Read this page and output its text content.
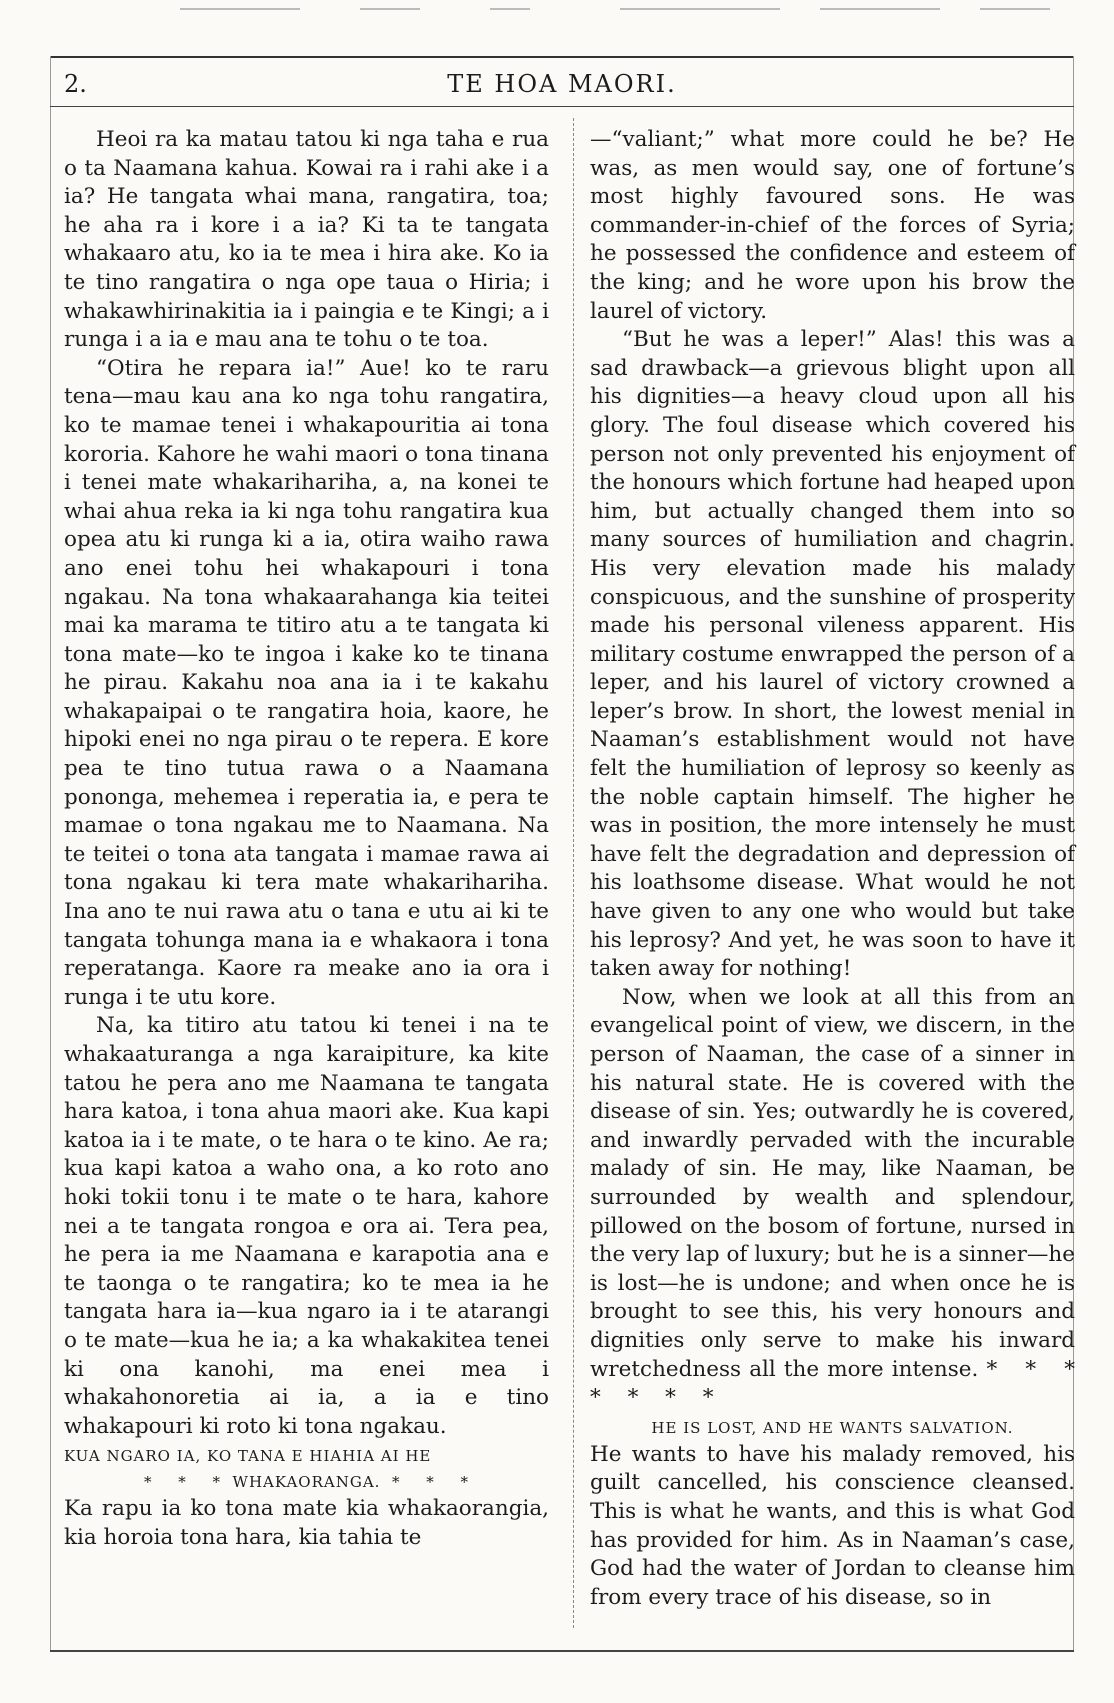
2.	TE HOA MAORI.

Heoi ra ka matau tatou ki nga taha e rua o ta Naamana kahua. Kowai ra i rahi ake i a ia? He tangata whai mana, rangatira, toa; he aha ra i kore i a ia? Ki ta te tangata whakaaro atu, ko ia te mea i hira ake. Ko ia te tino rangatira o nga ope taua o Hiria; i whakawhirinakitia ia i paingia e te Kingi; a i runga i a ia e mau ana te tohu o te toa.

“Otira he repara ia!” Aue! ko te raru tena—mau kau ana ko nga tohu rangatira, ko te mamae tenei i whakapouritia ai tona kororia. Kahore he wahi maori o tona tinana i tenei mate whakarihariha, a, na konei te whai ahua reka ia ki nga tohu rangatira kua opea atu ki runga ki a ia, otira waiho rawa ano enei tohu hei whakapouri i tona ngakau. Na tona whakaarahanga kia teitei mai ka marama te titiro atu a te tangata ki tona mate—ko te ingoa i kake ko te tinana he pirau. Kakahu noa ana ia i te kakahu whakapaipai o te rangatira hoia, kaore, he hipoki enei no nga pirau o te repera. E kore pea te tino tutua rawa o a Naamana pononga, mehemea i reperatia ia, e pera te mamae o tona ngakau me to Naamana. Na te teitei o tona ata tangata i mamae rawa ai tona ngakau ki tera mate whakarihariha. Ina ano te nui rawa atu o tana e utu ai ki te tangata tohunga mana ia e whakaora i tona reperatanga. Kaore ra meake ano ia ora i runga i te utu kore.

Na, ka titiro atu tatou ki tenei i na te whakaaturanga a nga karaipiture, ka kite tatou he pera ano me Naamana te tangata hara katoa, i tona ahua maori ake. Kua kapi katoa ia i te mate, o te hara o te kino. Ae ra; kua kapi katoa a waho ona, a ko roto ano hoki tokii tonu i te mate o te hara, kahore nei a te tangata rongoa e ora ai. Tera pea, he pera ia me Naamana e karapotia ana e te taonga o te rangatira; ko te mea ia he tangata hara ia—kua ngaro ia i te atarangi o te mate—kua he ia; a ka whakakitea tenei ki ona kanohi, ma enei mea i whakahonoretia ai ia, a ia e tino whakapouri ki roto ki tona ngakau.

KUA NGARO IA, KO TANA E HIAHIA AI HE
* * * WHAKAORANGA. * * *

Ka rapu ia ko tona mate kia whakaorangia, kia horoia tona hara, kia tahia te

—“valiant;” what more could he be? He was, as men would say, one of fortune’s most highly favoured sons. He was commander-in-chief of the forces of Syria; he possessed the confidence and esteem of the king; and he wore upon his brow the laurel of victory.

“But he was a leper!” Alas! this was a sad drawback—a grievous blight upon all his dignities—a heavy cloud upon all his glory. The foul disease which covered his person not only prevented his enjoyment of the honours which fortune had heaped upon him, but actually changed them into so many sources of humiliation and chagrin. His very elevation made his malady conspicuous, and the sunshine of prosperity made his personal vileness apparent. His military costume enwrapped the person of a leper, and his laurel of victory crowned a leper’s brow. In short, the lowest menial in Naaman’s establishment would not have felt the humiliation of leprosy so keenly as the noble captain himself. The higher he was in position, the more intensely he must have felt the degradation and depression of his loathsome disease. What would he not have given to any one who would but take his leprosy? And yet, he was soon to have it taken away for nothing!

Now, when we look at all this from an evangelical point of view, we discern, in the person of Naaman, the case of a sinner in his natural state. He is covered with the disease of sin. Yes; outwardly he is covered, and inwardly pervaded with the incurable malady of sin. He may, like Naaman, be surrounded by wealth and splendour, pillowed on the bosom of fortune, nursed in the very lap of luxury; but he is a sinner—he is lost—he is undone; and when once he is brought to see this, his very honours and dignities only serve to make his inward wretchedness all the more intense. * * * * * * *

HE IS LOST, AND HE WANTS SALVATION.

He wants to have his malady removed, his guilt cancelled, his conscience cleansed. This is what he wants, and this is what God has provided for him. As in Naaman’s case, God had the water of Jordan to cleanse him from every trace of his disease, so in
